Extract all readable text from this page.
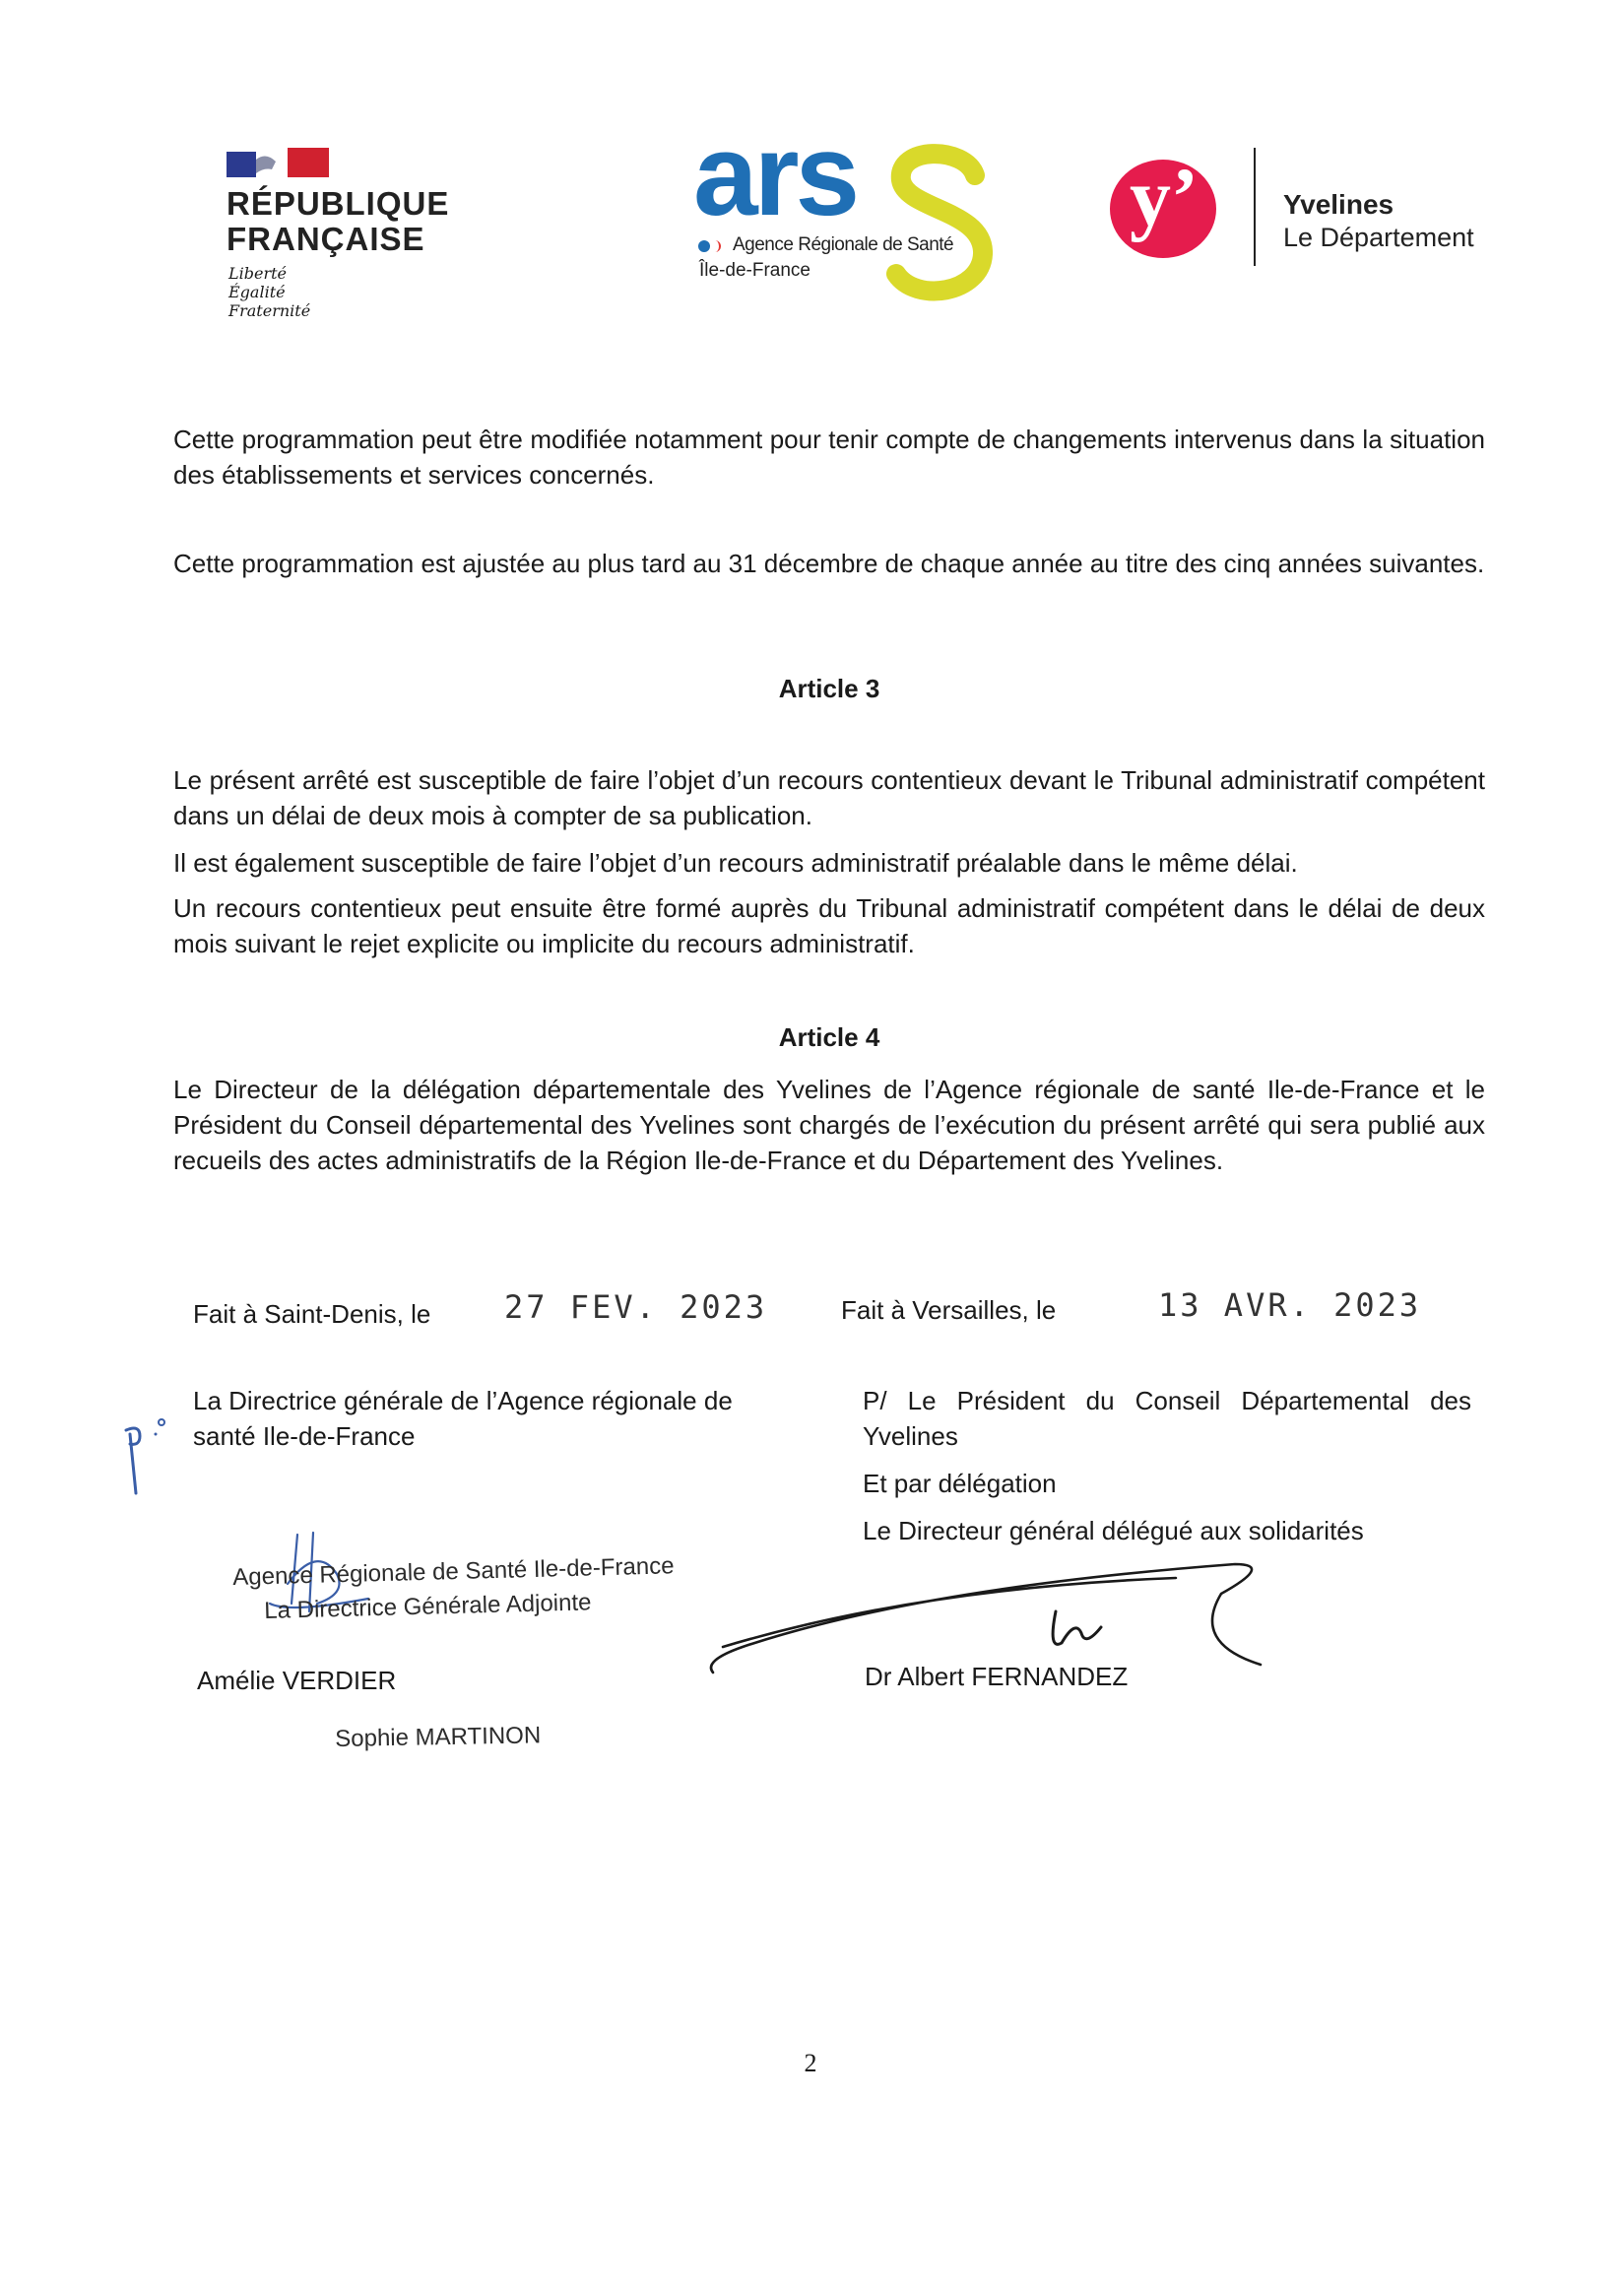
RÉPUBLIQUE
FRANÇAISE
Liberté
Égalité
Fraternité
ars
Agence Régionale de Santé
Île-de-France
y’	Yvelines
Le Département
Cette programmation peut être modifiée notamment pour tenir compte de changements intervenus dans la situation des établissements et services concernés.
Cette programmation est ajustée au plus tard au 31 décembre de chaque année au titre des cinq années suivantes.
Article 3
Le présent arrêté est susceptible de faire l’objet d’un recours contentieux devant le Tribunal administratif compétent dans un délai de deux mois à compter de sa publication.
Il est également susceptible de faire l’objet d’un recours administratif préalable dans le même délai.
Un recours contentieux peut ensuite être formé auprès du Tribunal administratif compétent dans le délai de deux mois suivant le rejet explicite ou implicite du recours administratif.
Article 4
Le Directeur de la délégation départementale des Yvelines de l’Agence régionale de santé Ile-de-France et le Président du Conseil départemental des Yvelines sont chargés de l’exécution du présent arrêté qui sera publié aux recueils des actes administratifs de la Région Ile-de-France et du Département des Yvelines.
Fait à Saint-Denis, le 27 FEV. 2023
La Directrice générale de l’Agence régionale de santé Ile-de-France
Agence Régionale de Santé Ile-de-France
La Directrice Générale Adjointe
Amélie VERDIER
Sophie MARTINON
Fait à Versailles, le	13 AVR. 2023
P/ Le Président du Conseil Départemental des Yvelines
Et par délégation
Le Directeur général délégué aux solidarités
Dr Albert FERNANDEZ
2
